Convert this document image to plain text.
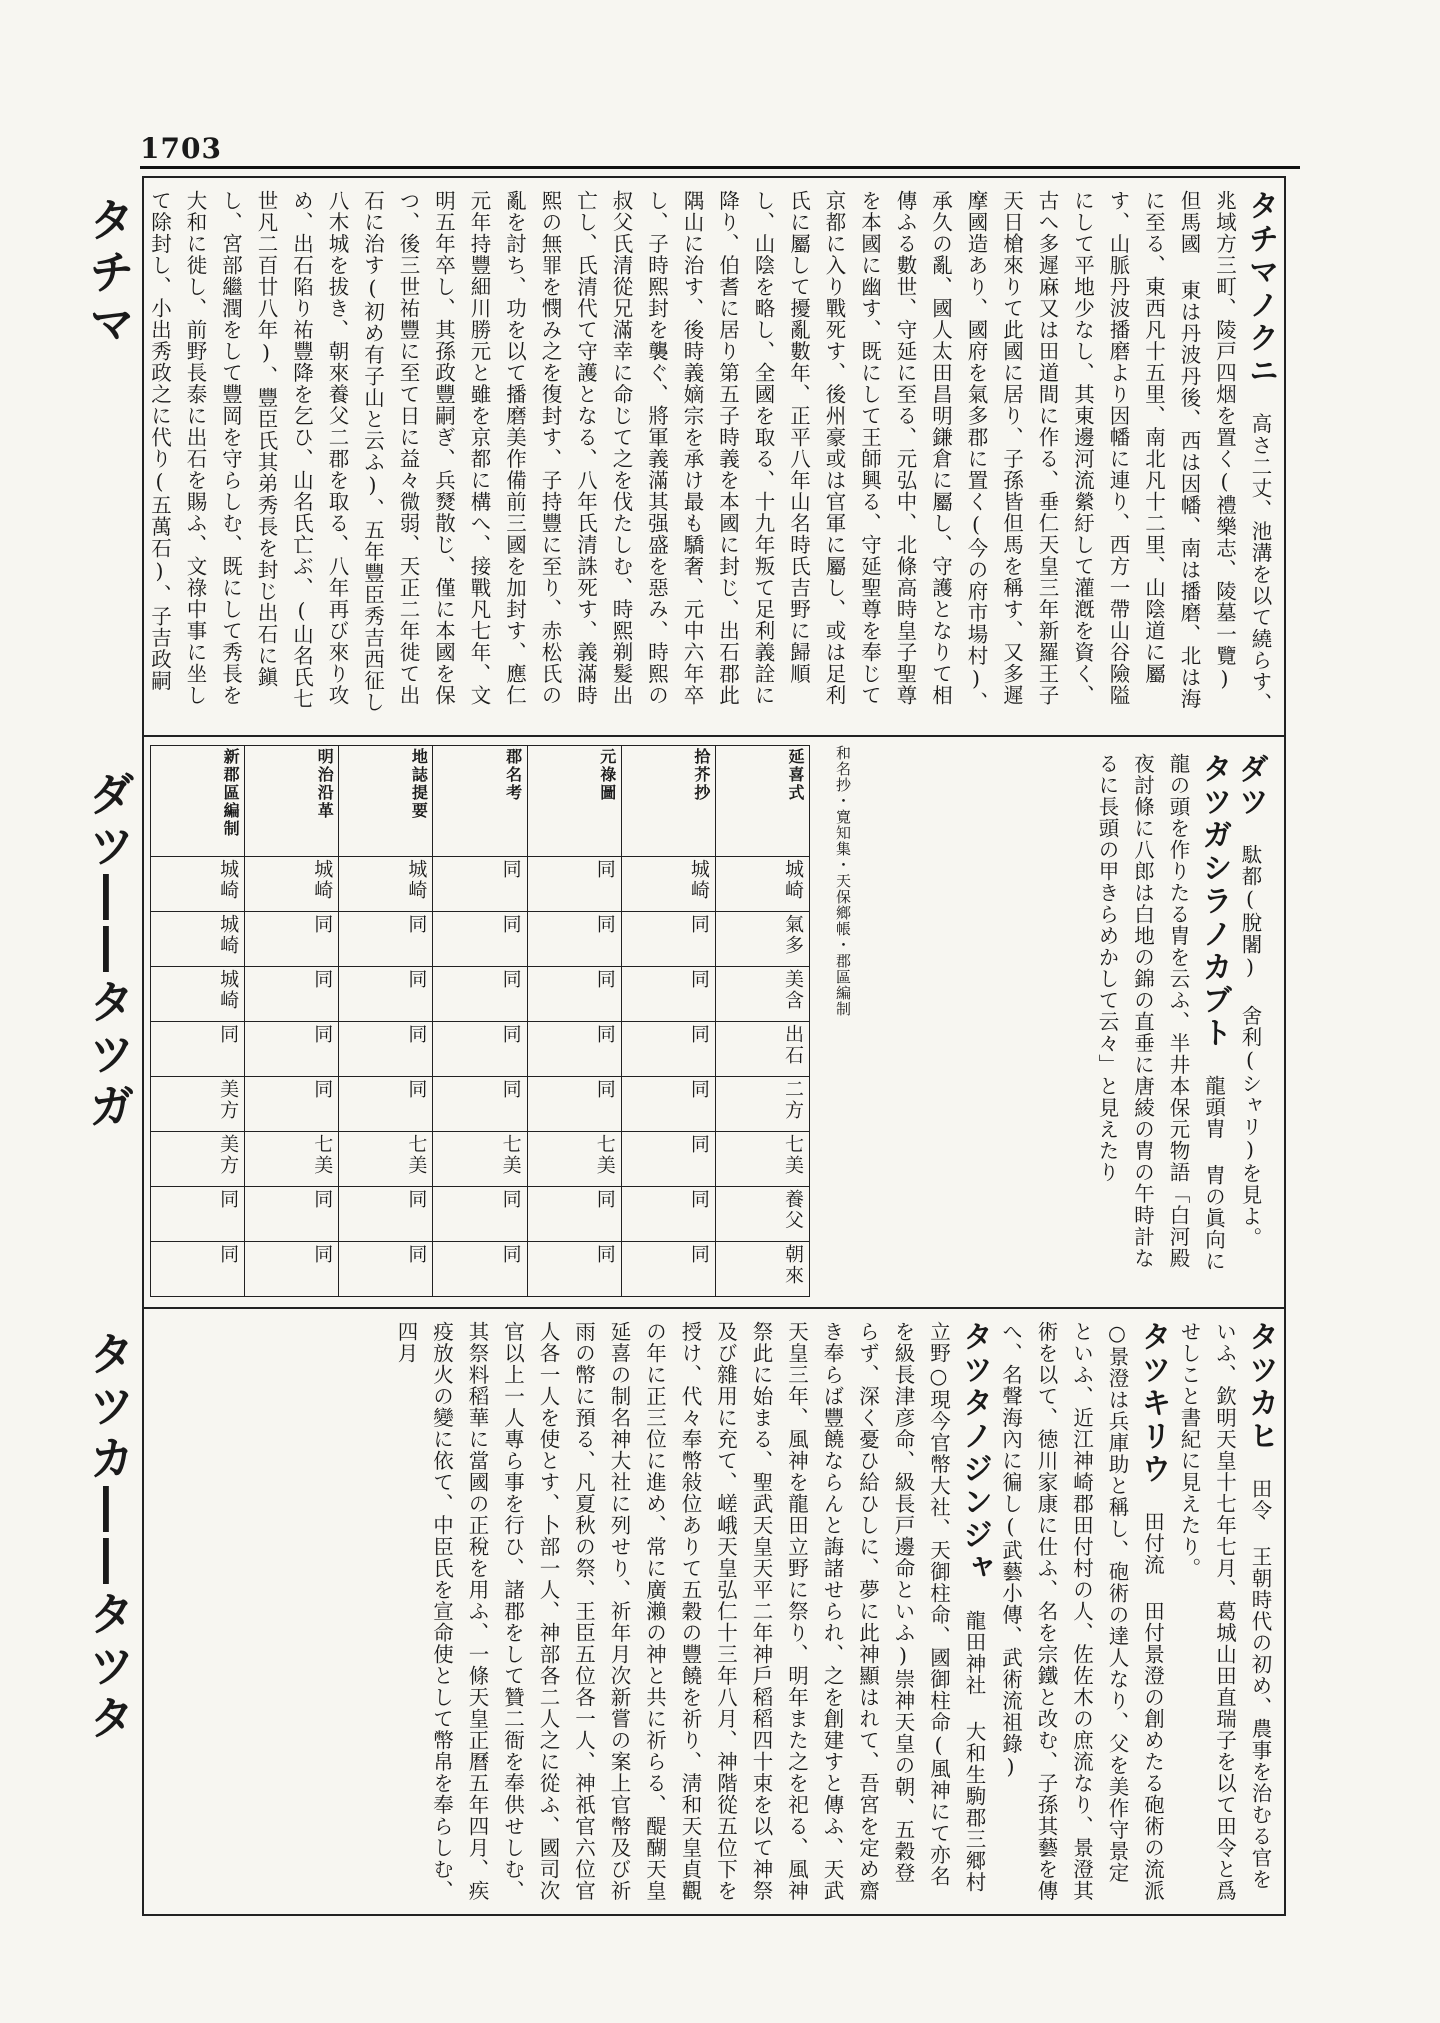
1703
タチマ
ダツ――タツガ
タツカ――タツタ

タチマノクニ 高さ二丈、池溝を以て繞らす、兆域方三町、陵戸四烟を置く(禮樂志、陵墓一覽) 但馬國 東は丹波丹後、西は因幡、南は播磨、北は海に至る、東西凡十五里、南北凡十二里、山陰道に屬す、山脈丹波播磨より因幡に連り、西方一帶山谷險隘にして平地少なし、其東邊河流縈紆して灌漑を資く、古へ多遲麻又は田道間に作る、垂仁天皇三年新羅王子天日槍來りて此國に居り、子孫皆但馬を稱す、又多遲摩國造あり、國府を氣多郡に置く(今の府市場村)、承久の亂、國人太田昌明鎌倉に屬し、守護となりて相傳ふる數世、守延に至る、元弘中、北條高時皇子聖尊を本國に幽す、既にして王師興る、守延聖尊を奉じて京都に入り戰死す、後州豪或は官軍に屬し、或は足利氏に屬して擾亂數年、正平八年山名時氏吉野に歸順し、山陰を略し、全國を取る、十九年叛て足利義詮に降り、伯耆に居り第五子時義を本國に封じ、出石郡此隅山に治す、後時義嫡宗を承け最も驕奢、元中六年卒し、子時熙封を襲ぐ、將軍義滿其强盛を惡み、時熙の叔父氏清從兄滿幸に命じて之を伐たしむ、時熙剃髮出亡し、氏清代て守護となる、八年氏清誅死す、義滿時熙の無罪を憫み之を復封す、子持豐に至り、赤松氏の亂を討ち、功を以て播磨美作備前三國を加封す、應仁元年持豐細川勝元と雖を京都に構へ、接戰凡七年、文明五年卒し、其孫政豐嗣ぎ、兵燹散じ、僅に本國を保つ、後三世祐豐に至て日に益々微弱、天正二年徙て出石に治す(初め有子山と云ふ)、五年豐臣秀吉西征し八木城を拔き、朝來養父二郡を取る、八年再び來り攻め、出石陷り祐豐降を乞ひ、山名氏亡ぶ、(山名氏七世凡二百廿八年)、豐臣氏其弟秀長を封じ出石に鎭し、宮部繼潤をして豐岡を守らしむ、既にして秀長を大和に徙し、前野長泰に出石を賜ふ、文祿中事に坐して除封し、小出秀政之に代り(五萬石)、子吉政嗣

新郡區編制	明治沿革	地誌提要	郡名考	元祿圖	拾芥抄	延喜式
城崎	城崎	城崎	同	同	城崎	城崎
城崎	同	同	同	同	同	氣多
城崎	同	同	同	同	同	美含
同	同	同	同	同	同	出石
美方	同	同	同	同	同	二方
美方	七美	七美	七美	七美	同	七美
同	同	同	同	同	同	養父
同	同	同	同	同	同	朝來
和名抄・寛知集・天保鄉帳・郡區編制

ダツ 駄都(脫闍) 舍利(シャリ)を見よ。

タツガシラノカブト 龍頭胄 胄の眞向に龍の頭を作りたる胄を云ふ、半井本保元物語「白河殿夜討條に八郎は白地の錦の直垂に唐綾の胄の午時計なるに長頭の甲きらめかして云々」と見えたり

タツカヒ 田令 王朝時代の初め、農事を治むる官をいふ、欽明天皇十七年七月、葛城山田直瑞子を以て田令と爲せしこと書紀に見えたり。

タツキリウ 田付流 田付景澄の創めたる砲術の流派○景澄は兵庫助と稱し、砲術の達人なり、父を美作守景定といふ、近江神崎郡田付村の人、佐佐木の庶流なり、景澄其術を以て、徳川家康に仕ふ、名を宗鐵と改む、子孫其藝を傳へ、名聲海內に徧し(武藝小傳、武術流祖錄)

タツタノジンジャ 龍田神社 大和生駒郡三郷村立野○現今官幣大社、天御柱命、國御柱命(風神にて亦名を級長津彦命、級長戸邊命といふ)崇神天皇の朝、五穀登らず、深く憂ひ給ひしに、夢に此神顯はれて、吾宮を定め齋き奉らば豐饒ならんと誨諸せられ、之を創建すと傳ふ、天武天皇三年、風神を龍田立野に祭り、明年また之を祀る、風神祭此に始まる、聖武天皇天平二年神戶稻稻四十束を以て神祭及び雜用に充て、嵯峨天皇弘仁十三年八月、神階從五位下を授け、代々奉幣敍位ありて五穀の豐饒を祈り、淸和天皇貞觀の年に正三位に進め、常に廣瀨の神と共に祈らる、醍醐天皇延喜の制名神大社に列せり、祈年月次新嘗の案上官幣及び祈雨の幣に預る、凡夏秋の祭、王臣五位各一人、神祇官六位官人各一人を使とす、卜部一人、神部各二人之に從ふ、國司次官以上一人專ら事を行ひ、諸郡をして贊二衙を奉供せしむ、其祭料稻華に當國の正稅を用ふ、一條天皇正曆五年四月、疾疫放火の變に依て、中臣氏を宣命使として幣帛を奉らしむ、四月
